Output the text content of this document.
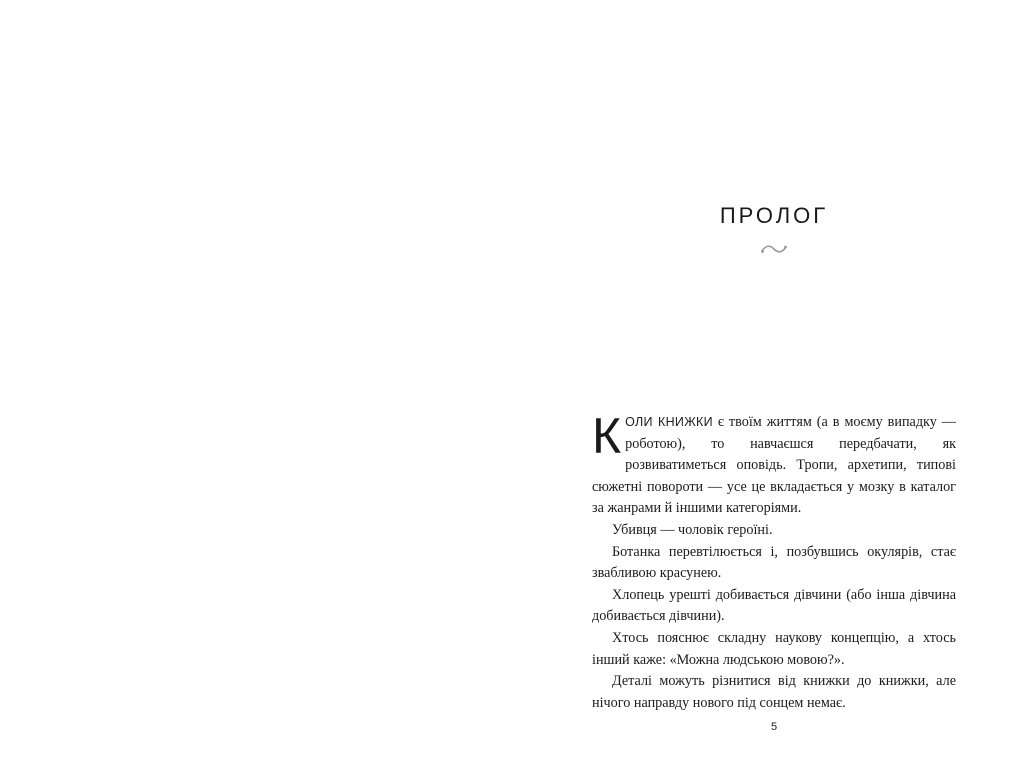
ПРОЛОГ

КОЛИ КНИЖКИ є твоїм життям (а в моєму випадку — роботою), то навчаєшся передбачати, як розвиватиметься оповідь. Тропи, архетипи, типові сюжетні повороти — усе це вкладається у мозку в каталог за жанрами й іншими категоріями.

Убивця — чоловік героїні.

Ботанка перевтілюється і, позбувшись окулярів, стає звабливою красунею.

Хлопець урешті добивається дівчини (або інша дівчина добивається дівчини).

Хтось пояснює складну наукову концепцію, а хтось інший каже: «Можна людською мовою?».

Деталі можуть різнитися від книжки до книжки, але нічого направду нового під сонцем немає.

5
